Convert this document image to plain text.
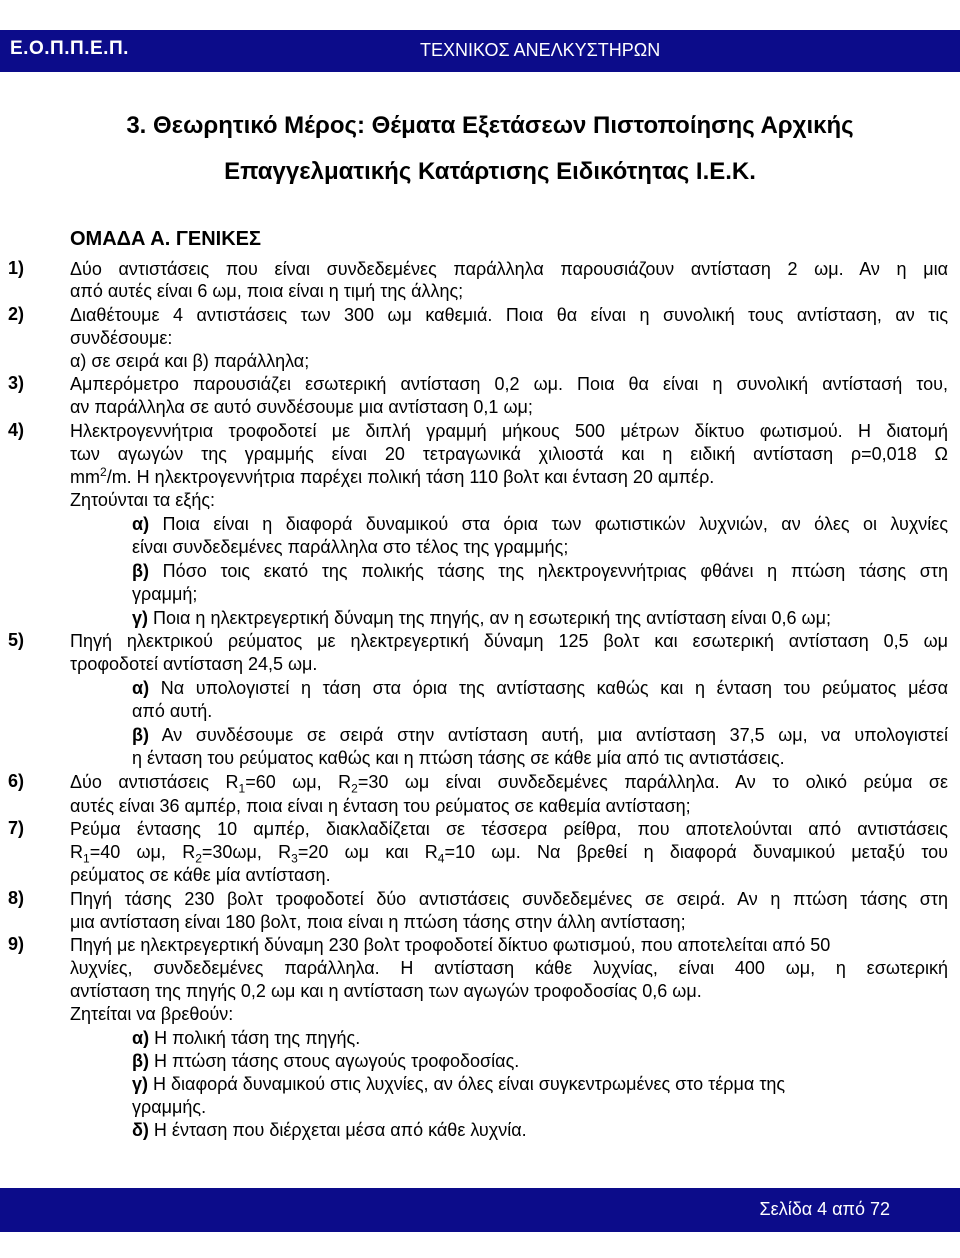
Ε.Ο.Π.Π.Ε.Π.	ΤΕΧΝΙΚΟΣ ΑΝΕΛΚΥΣΤΗΡΩΝ
3. Θεωρητικό Μέρος: Θέματα Εξετάσεων Πιστοποίησης Αρχικής
Επαγγελματικής Κατάρτισης Ειδικότητας Ι.Ε.Κ.
ΟΜΑΔΑ Α. ΓΕΝΙΚΕΣ
1)	Δύο αντιστάσεις που είναι συνδεδεμένες παράλληλα παρουσιάζουν αντίσταση 2 ωμ. Αν η μια
από αυτές είναι 6 ωμ, ποια είναι η τιμή της άλλης;
2)	Διαθέτουμε 4 αντιστάσεις των 300 ωμ καθεμιά. Ποια θα είναι η συνολική τους αντίσταση, αν τις
συνδέσουμε:
α) σε σειρά και β) παράλληλα;
3)	Αμπερόμετρο παρουσιάζει εσωτερική αντίσταση 0,2 ωμ. Ποια θα είναι η συνολική αντίστασή του,
αν παράλληλα σε αυτό συνδέσουμε μια αντίσταση 0,1 ωμ;
4)	Ηλεκτρογεννήτρια τροφοδοτεί με διπλή γραμμή μήκους 500 μέτρων δίκτυο φωτισμού. Η διατομή
των αγωγών της γραμμής είναι 20 τετραγωνικά χιλιοστά και η ειδική αντίσταση ρ=0,018 Ω
$mm^2/m$. Η ηλεκτρογεννήτρια παρέχει πολική τάση 110 βολτ και ένταση 20 αμπέρ.
Ζητούνται τα εξής:
α) Ποια είναι η διαφορά δυναμικού στα όρια των φωτιστικών λυχνιών, αν όλες οι λυχνίες
είναι συνδεδεμένες παράλληλα στο τέλος της γραμμής;
β) Πόσο τοις εκατό της πολικής τάσης της ηλεκτρογεννήτριας φθάνει η πτώση τάσης στη
γραμμή;
γ) Ποια η ηλεκτρεγερτική δύναμη της πηγής, αν η εσωτερική της αντίσταση είναι 0,6 ωμ;
5)	Πηγή ηλεκτρικού ρεύματος με ηλεκτρεγερτική δύναμη 125 βολτ και εσωτερική αντίσταση 0,5 ωμ
τροφοδοτεί αντίσταση 24,5 ωμ.
α) Να υπολογιστεί η τάση στα όρια της αντίστασης καθώς και η ένταση του ρεύματος μέσα
από αυτή.
β) Αν συνδέσουμε σε σειρά στην αντίσταση αυτή, μια αντίσταση 37,5 ωμ, να υπολογιστεί
η ένταση του ρεύματος καθώς και η πτώση τάσης σε κάθε μία από τις αντιστάσεις.
6)	Δύο αντιστάσεις $R_1=60$ ωμ, $R_2=30$ ωμ είναι συνδεδεμένες παράλληλα. Αν το ολικό ρεύμα σε
αυτές είναι 36 αμπέρ, ποια είναι η ένταση του ρεύματος σε καθεμία αντίσταση;
7)	Ρεύμα έντασης 10 αμπέρ, διακλαδίζεται σε τέσσερα ρείθρα, που αποτελούνται από αντιστάσεις
$R_1=40$ ωμ, $R_2=30\omega\mu$, $R_3=20$ ωμ και $R_4=10$ ωμ. Να βρεθεί η διαφορά δυναμικού μεταξύ του
ρεύματος σε κάθε μία αντίσταση.
8)	Πηγή τάσης 230 βολτ τροφοδοτεί δύο αντιστάσεις συνδεδεμένες σε σειρά. Αν η πτώση τάσης στη
μια αντίσταση είναι 180 βολτ, ποια είναι η πτώση τάσης στην άλλη αντίσταση;
9)	Πηγή με ηλεκτρεγερτική δύναμη 230 βολτ τροφοδοτεί δίκτυο φωτισμού, που αποτελείται από 50
λυχνίες, συνδεδεμένες παράλληλα. Η αντίσταση κάθε λυχνίας, είναι 400 ωμ, η εσωτερική
αντίσταση της πηγής 0,2 ωμ και η αντίσταση των αγωγών τροφοδοσίας 0,6 ωμ.
Ζητείται να βρεθούν:
α) Η πολική τάση της πηγής.
β) Η πτώση τάσης στους αγωγούς τροφοδοσίας.
γ) Η διαφορά δυναμικού στις λυχνίες, αν όλες είναι συγκεντρωμένες στο τέρμα της
γραμμής.
δ) Η ένταση που διέρχεται μέσα από κάθε λυχνία.
Σελίδα 4 από 72
